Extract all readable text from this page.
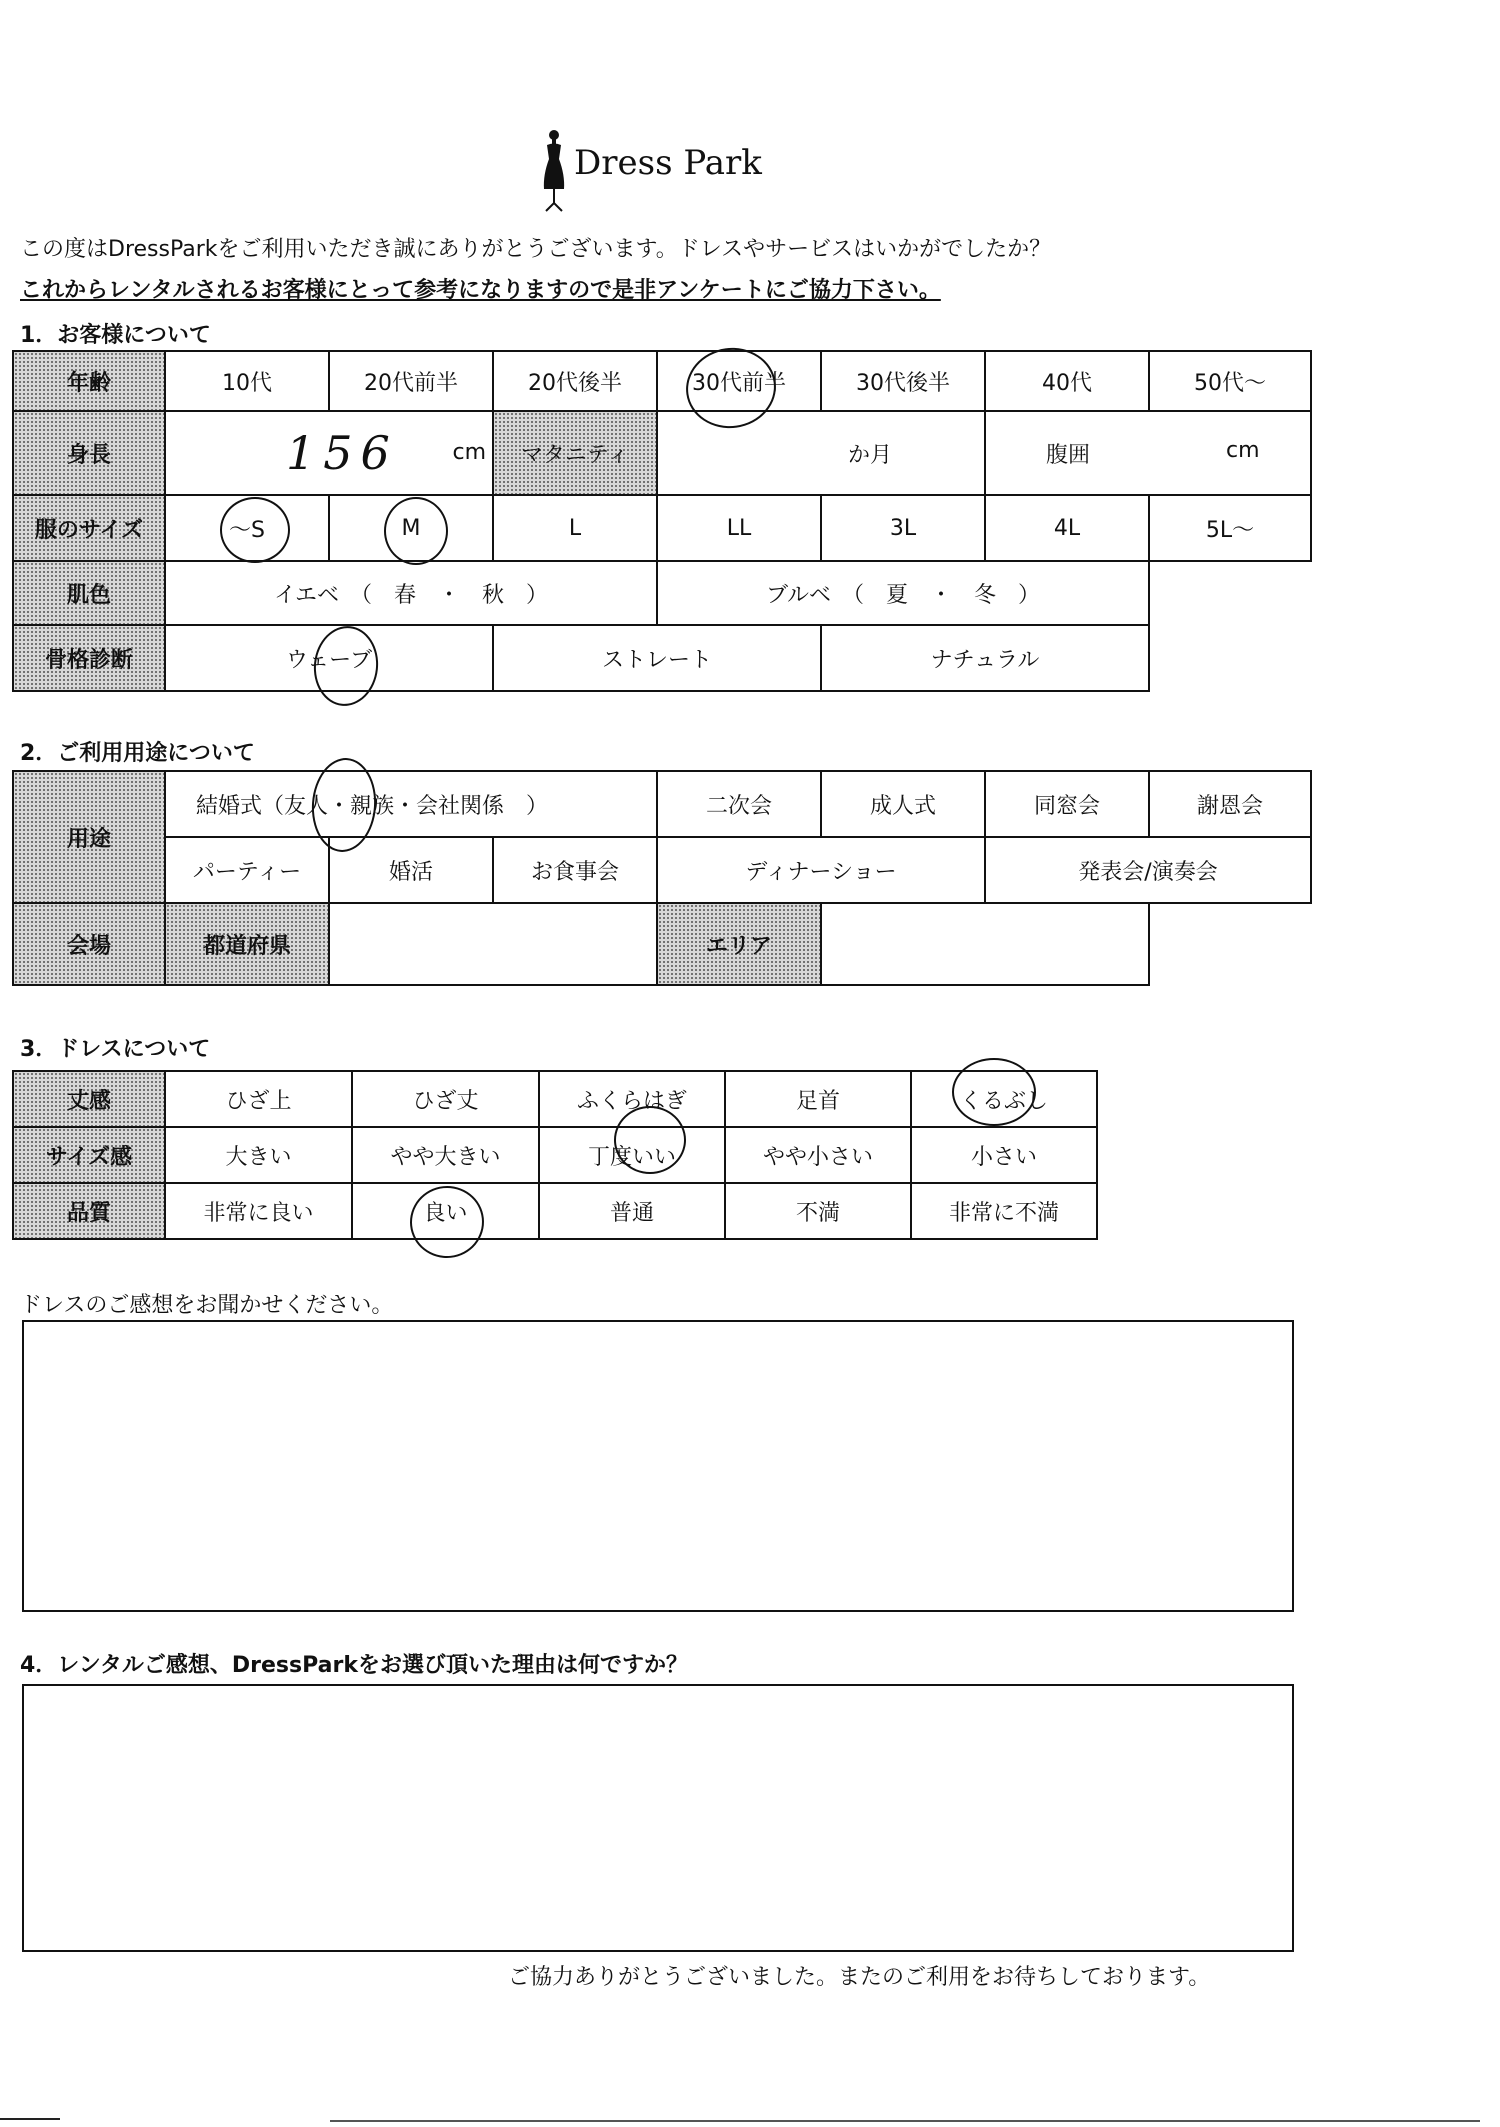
Dress Park
この度はDressParkをご利用いただき誠にありがとうございます。ドレスやサービスはいかがでしたか？
これからレンタルされるお客様にとって参考になりますので是非アンケートにご協力下さい。
1．お客様について
年齢	10代	20代前半	20代後半	30代前半	30代後半	40代	50代～
身長	156 cm		マタニティ	か月		腹囲 cm	

服のサイズ	～S	M	L	LL	3L	4L	5L～
肌色	イエベ　（　春　・　秋　）			ブルベ　（　夏　・　冬　）			
骨格診断	ウェーブ		ストレート		ナチュラル		
2．ご利用用途について
用途	結婚式（友人・親族・会社関係　）			二次会	成人式	同窓会	謝恩会
	パーティー	婚活	お食事会	ディナーショー		発表会/演奏会	
会場	都道府県			エリア			
3．ドレスについて
丈感	ひざ上	ひざ丈	ふくらはぎ	足首	くるぶし
サイズ感	大きい	やや大きい	丁度いい	やや小さい	小さい
品質	非常に良い	良い	普通	不満	非常に不満
ドレスのご感想をお聞かせください。
4．レンタルご感想、DressParkをお選び頂いた理由は何ですか？
ご協力ありがとうございました。またのご利用をお待ちしております。
